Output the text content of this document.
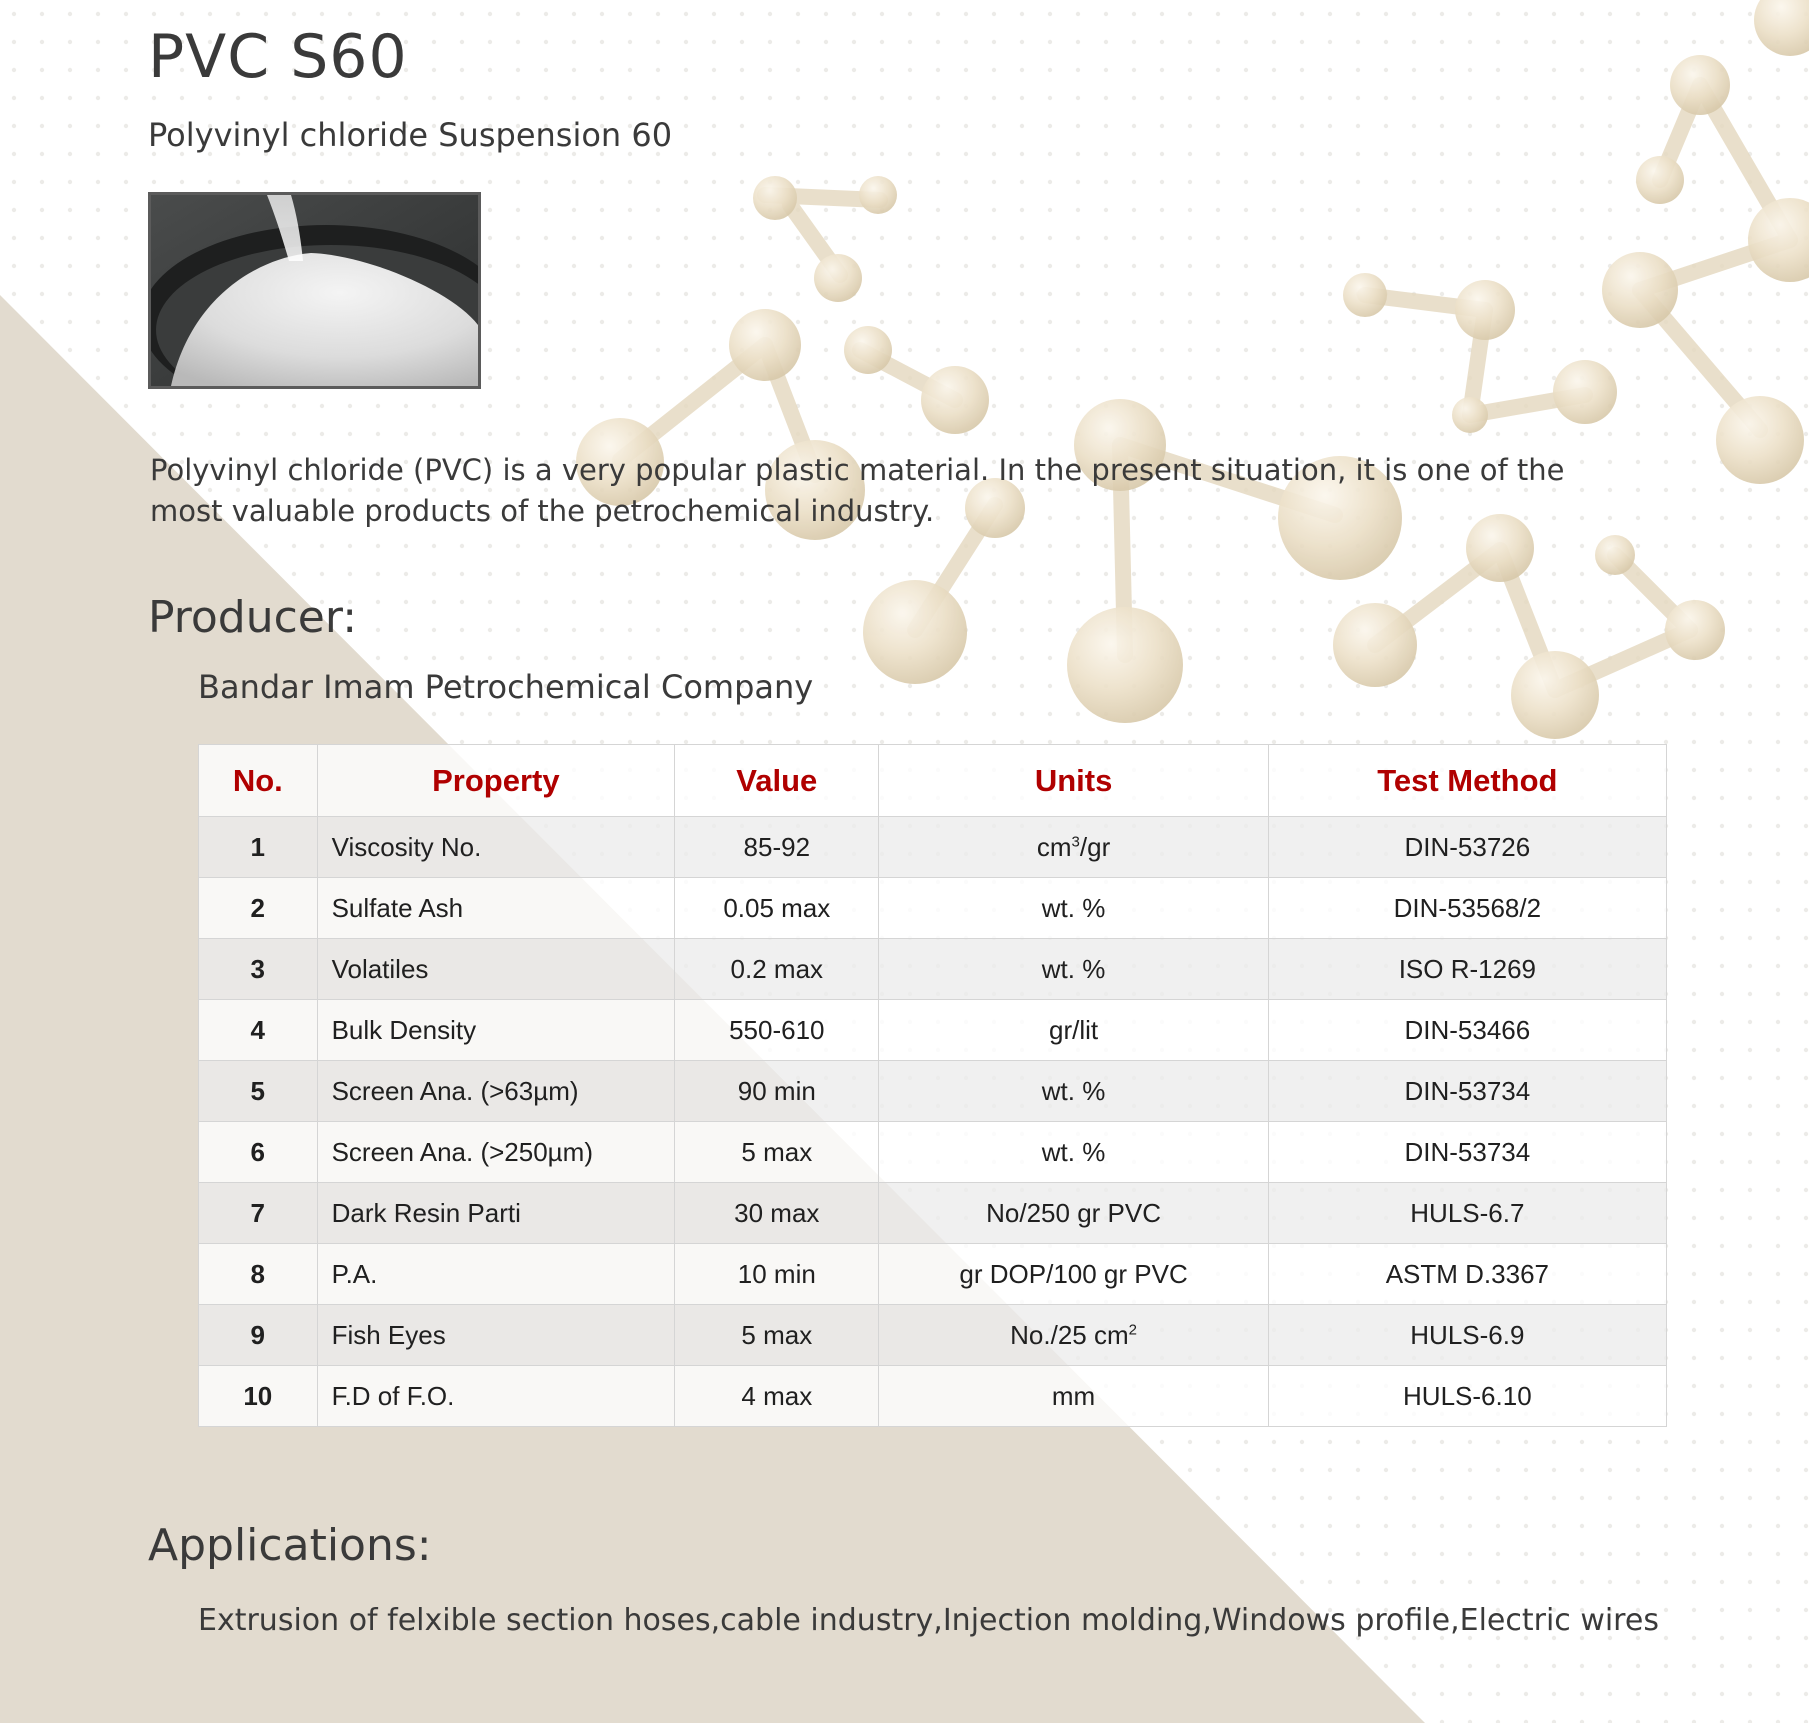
PVC S60

Polyvinyl chloride Suspension 60

Polyvinyl chloride (PVC) is a very popular plastic material. In the present situation, it is one of the most valuable products of the petrochemical industry.

Producer:

Bandar Imam Petrochemical Company

No.	Property	Value	Units	Test Method
1	Viscosity No.	85-92	$cm^3/gr$	DIN-53726
2	Sulfate Ash	0.05 max	wt. %	DIN-53568/2
3	Volatiles	0.2 max	wt. %	ISO R-1269
4	Bulk Density	550-610	gr/lit	DIN-53466
5	Screen Ana. (>63µm)	90 min	wt. %	DIN-53734
6	Screen Ana. (>250µm)	5 max	wt. %	DIN-53734
7	Dark Resin Parti	30 max	No/250 gr PVC	HULS-6.7
8	P.A.	10 min	gr DOP/100 gr PVC	ASTM D.3367
9	Fish Eyes	5 max	No./25 $cm^2$	HULS-6.9
10	F.D of F.O.	4 max	mm	HULS-6.10
Applications:

Extrusion of felxible section hoses,cable industry,Injection molding,Windows profile,Electric wires
